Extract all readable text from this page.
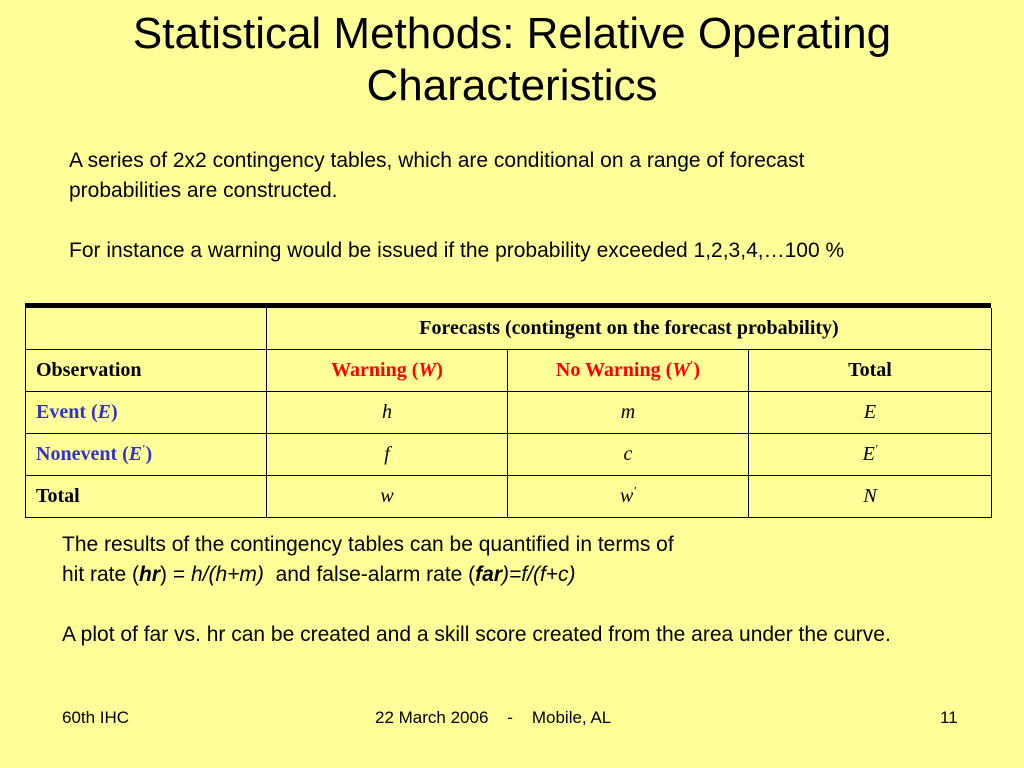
Statistical Methods: Relative Operating
Characteristics
A series of 2x2 contingency tables, which are conditional on a range of forecast probabilities are constructed.
For instance a warning would be issued if the probability exceeded 1,2,3,4,…100 %
	Forecasts (contingent on the forecast probability)		
Observation	Warning (W)	No Warning (W')	Total
Event (E)	h	m	E
Nonevent (E')	f	c	E'
Total	w	w'	N
The results of the contingency tables can be quantified in terms of
hit rate (hr) = h/(h+m)  and false-alarm rate (far)=f/(f+c)
A plot of far vs. hr can be created and a skill score created from the area under the curve.
60th IHC	22 March 2006    -    Mobile, AL	11
